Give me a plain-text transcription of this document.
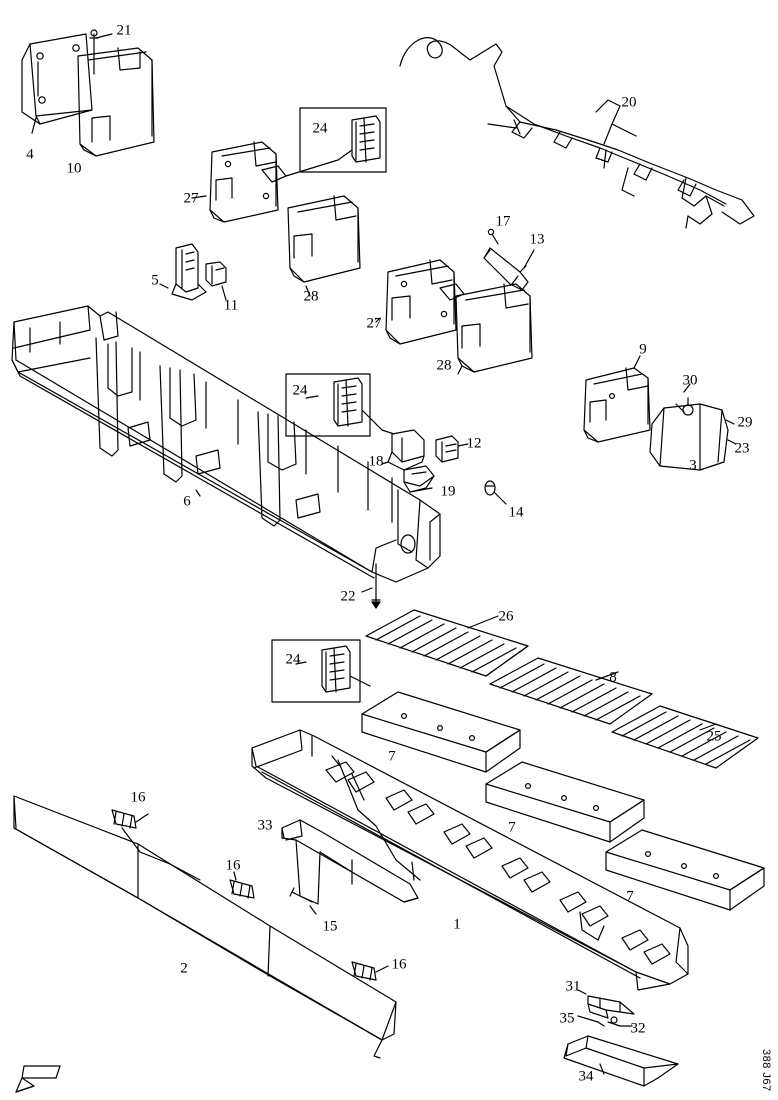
21
4
10
20
24
27
28
5
11
17
13
27
28
9
30
29
23
3
24
12
18
19
14
6
22
26
24
8
25
7
7
7
16
33
16
15	1
16
2
31
35
32
34	388 J67
